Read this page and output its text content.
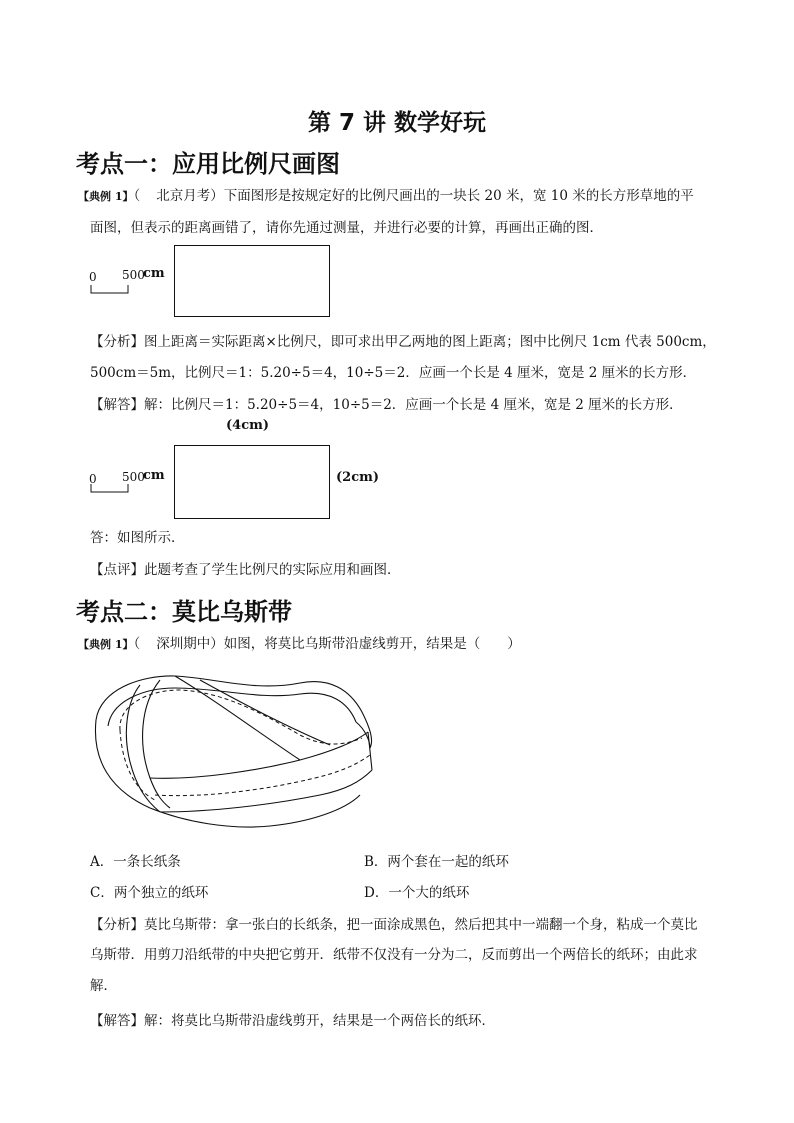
第 7 讲 数学好玩
考点一：应用比例尺画图
【典例 1】（ 北京月考）下面图形是按规定好的比例尺画出的一块长 20 米，宽 10 米的长方形草地的平
面图，但表示的距离画错了，请你先通过测量，并进行必要的计算，再画出正确的图．
0 500
cm
【分析】图上距离＝实际距离×比例尺，即可求出甲乙两地的图上距离；图中比例尺 1cm 代表 500cm，
500cm＝5m，比例尺＝1：5.20÷5＝4，10÷5＝2．应画一个长是 4 厘米，宽是 2 厘米的长方形．
【解答】解：比例尺＝1：5.20÷5＝4，10÷5＝2．应画一个长是 4 厘米，宽是 2 厘米的长方形．
(4cm)
0 500
cm	(2cm)
答：如图所示．
【点评】此题考查了学生比例尺的实际应用和画图．
考点二：莫比乌斯带
【典例 1】（ 深圳期中）如图，将莫比乌斯带沿虚线剪开，结果是（　　）
A．一条长纸条	B．两个套在一起的纸环
C．两个独立的纸环	D．一个大的纸环
【分析】莫比乌斯带：拿一张白的长纸条，把一面涂成黑色，然后把其中一端翻一个身，粘成一个莫比
乌斯带．用剪刀沿纸带的中央把它剪开．纸带不仅没有一分为二，反而剪出一个两倍长的纸环；由此求
解．
【解答】解：将莫比乌斯带沿虚线剪开，结果是一个两倍长的纸环．
